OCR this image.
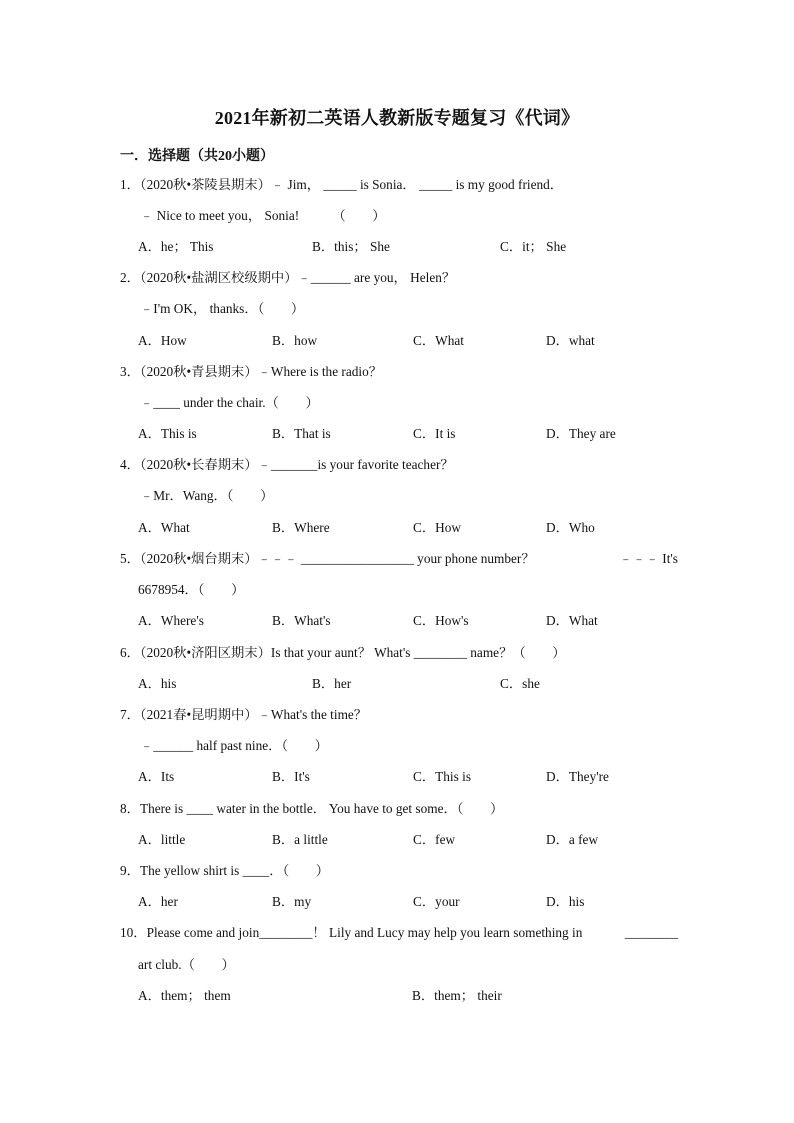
2021年新初二英语人教新版专题复习《代词》
一．选择题（共20小题）
1．（2020秋•茶陵县期末）﹣ Jim， _____ is Sonia． _____ is my good friend．
﹣ Nice to meet you， Sonia!　　　（　　）
A．he； This	B．this； She	C．it； She
2．（2020秋•盐湖区校级期中）﹣______ are you， Helen？
﹣I'm OK， thanks．（　　）
A．How	B．how	C．What	D．what
3．（2020秋•青县期末）﹣Where is the radio？
﹣____ under the chair.（　　）
A．This is	B．That is	C．It is	D．They are
4．（2020秋•长春期末）﹣_______is your favorite teacher？
﹣Mr．Wang．（　　）
A．What	B．Where	C．How	D．Who
5．（2020秋•烟台期末）﹣﹣﹣ _________________ your phone number？	﹣﹣﹣ It's
6678954．（　　）
A．Where's	B．What's	C．How's	D．What
6．（2020秋•济阳区期末）Is that your aunt？ What's ________ name？（　　）
A．his	B．her	C．she
7．（2021春•昆明期中）﹣What's the time？
﹣______ half past nine．（　　）
A．Its	B．It's	C．This is	D．They're
8．There is ____ water in the bottle． You have to get some．（　　）
A．little	B．a little	C．few	D．a few
9．The yellow shirt is ____．（　　）
A．her	B．my	C．your	D．his
10．Please come and join________！ Lily and Lucy may help you learn something in	________
art club.（　　）
A．them； them	B．them； their
